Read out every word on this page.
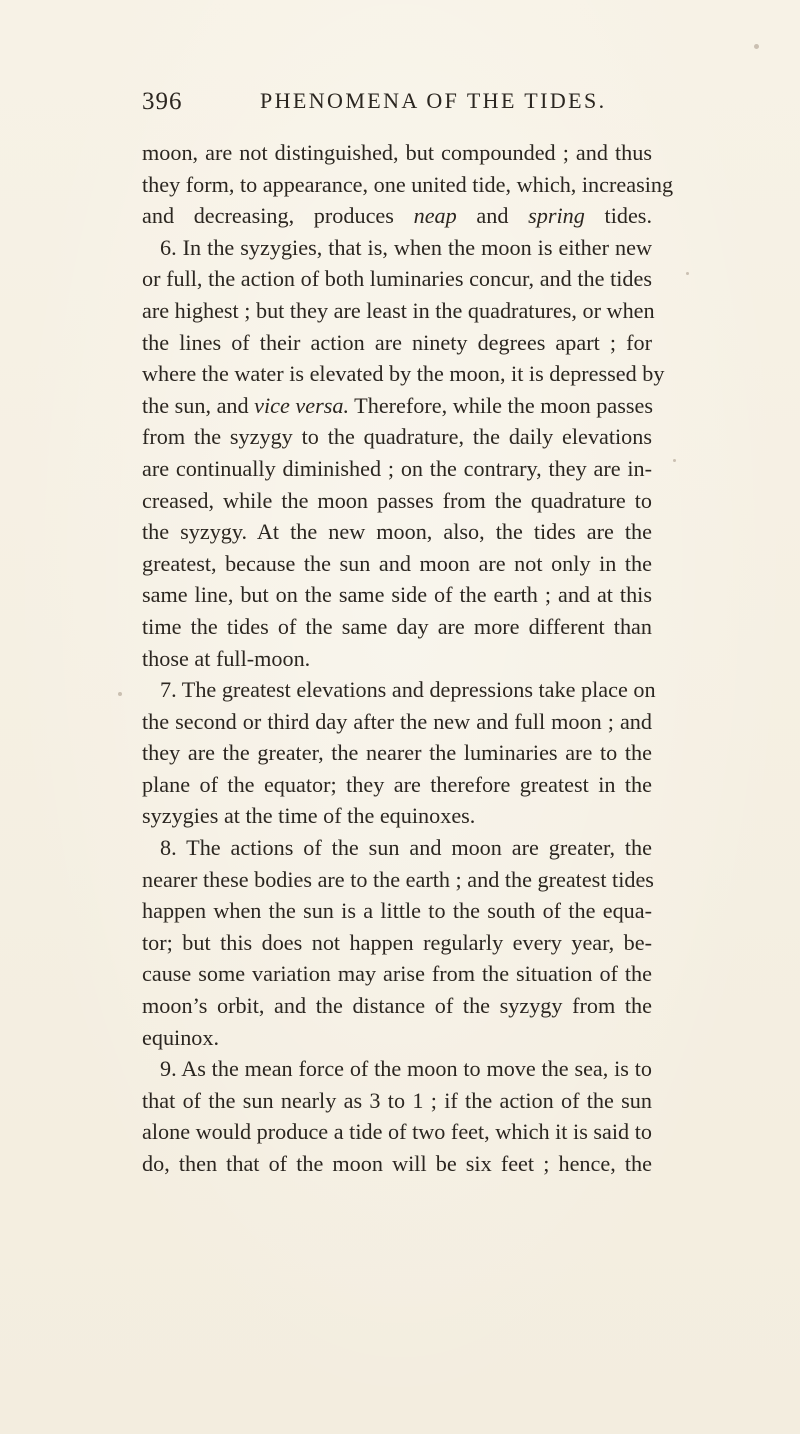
396	PHENOMENA OF THE TIDES.
moon, are not distinguished, but compounded ; and thus
they form, to appearance, one united tide, which, increasing
and decreasing, produces neap and spring tides.
6. In the syzygies, that is, when the moon is either new
or full, the action of both luminaries concur, and the tides
are highest ; but they are least in the quadratures, or when
the lines of their action are ninety degrees apart ; for
where the water is elevated by the moon, it is depressed by
the sun, and vice versa. Therefore, while the moon passes
from the syzygy to the quadrature, the daily elevations
are continually diminished ; on the contrary, they are in-
creased, while the moon passes from the quadrature to
the syzygy. At the new moon, also, the tides are the
greatest, because the sun and moon are not only in the
same line, but on the same side of the earth ; and at this
time the tides of the same day are more different than
those at full-moon.
7. The greatest elevations and depressions take place on
the second or third day after the new and full moon ; and
they are the greater, the nearer the luminaries are to the
plane of the equator; they are therefore greatest in the
syzygies at the time of the equinoxes.
8. The actions of the sun and moon are greater, the
nearer these bodies are to the earth ; and the greatest tides
happen when the sun is a little to the south of the equa-
tor; but this does not happen regularly every year, be-
cause some variation may arise from the situation of the
moon’s orbit, and the distance of the syzygy from the
equinox.
9. As the mean force of the moon to move the sea, is to
that of the sun nearly as 3 to 1 ; if the action of the sun
alone would produce a tide of two feet, which it is said to
do, then that of the moon will be six feet ; hence, the
